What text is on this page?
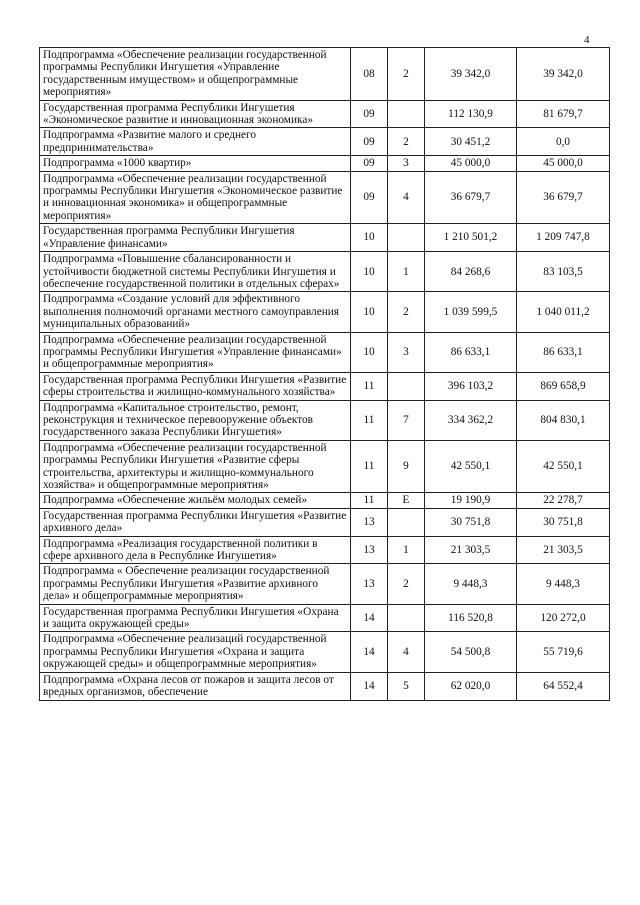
4
Подпрограмма «Обеспечение реализации государственной программы Республики Ингушетия «Управление государственным имуществом» и общепрограммные мероприятия»	08	2	39 342,0	39 342,0
Государственная программа Республики Ингушетия «Экономическое развитие и инновационная экономика»	09		112 130,9	81 679,7
Подпрограмма «Развитие малого и среднего предпринимательства»	09	2	30 451,2	0,0
Подпрограмма «1000 квартир»	09	3	45 000,0	45 000,0
Подпрограмма «Обеспечение реализации государственной программы Республики Ингушетия «Экономическое развитие и инновационная экономика» и общепрограммные мероприятия»	09	4	36 679,7	36 679,7
Государственная программа Республики Ингушетия «Управление финансами»	10		1 210 501,2	1 209 747,8
Подпрограмма «Повышение сбалансированности и устойчивости бюджетной системы Республики Ингушетия и обеспечение государственной политики в отдельных сферах»	10	1	84 268,6	83 103,5
Подпрограмма «Создание условий для эффективного выполнения полномочий органами местного самоуправления муниципальных образований»	10	2	1 039 599,5	1 040 011,2
Подпрограмма «Обеспечение реализации государственной программы Республики Ингушетия «Управление финансами» и общепрограммные мероприятия»	10	3	86 633,1	86 633,1
Государственная программа Республики Ингушетия «Развитие сферы строительства и жилищно-коммунального хозяйства»	11		396 103,2	869 658,9
Подпрограмма «Капитальное строительство, ремонт, реконструкция и техническое перевооружение объектов государственного заказа Республики Ингушетия»	11	7	334 362,2	804 830,1
Подпрограмма «Обеспечение реализации государственной программы Республики Ингушетия «Развитие сферы строительства, архитектуры и жилищно-коммунального хозяйства» и общепрограммные мероприятия»	11	9	42 550,1	42 550,1
Подпрограмма «Обеспечение жильём молодых семей»	11	Е	19 190,9	22 278,7
Государственная программа Республики Ингушетия «Развитие архивного дела»	13		30 751,8	30 751,8
Подпрограмма «Реализация государственной политики в сфере архивного дела в Республике Ингушетия»	13	1	21 303,5	21 303,5
Подпрограмма « Обеспечение реализации государственной программы Республики Ингушетия «Развитие архивного дела» и общепрограммные мероприятия»	13	2	9 448,3	9 448,3
Государственная программа Республики Ингушетия «Охрана и защита окружающей среды»	14		116 520,8	120 272,0
Подпрограмма «Обеспечение реализаций государственной программы Республики Ингушетия «Охрана и защита окружающей среды» и общепрограммные мероприятия»	14	4	54 500,8	55 719,6
Подпрограмма «Охрана лесов от пожаров и защита лесов от вредных организмов, обеспечение	14	5	62 020,0	64 552,4
